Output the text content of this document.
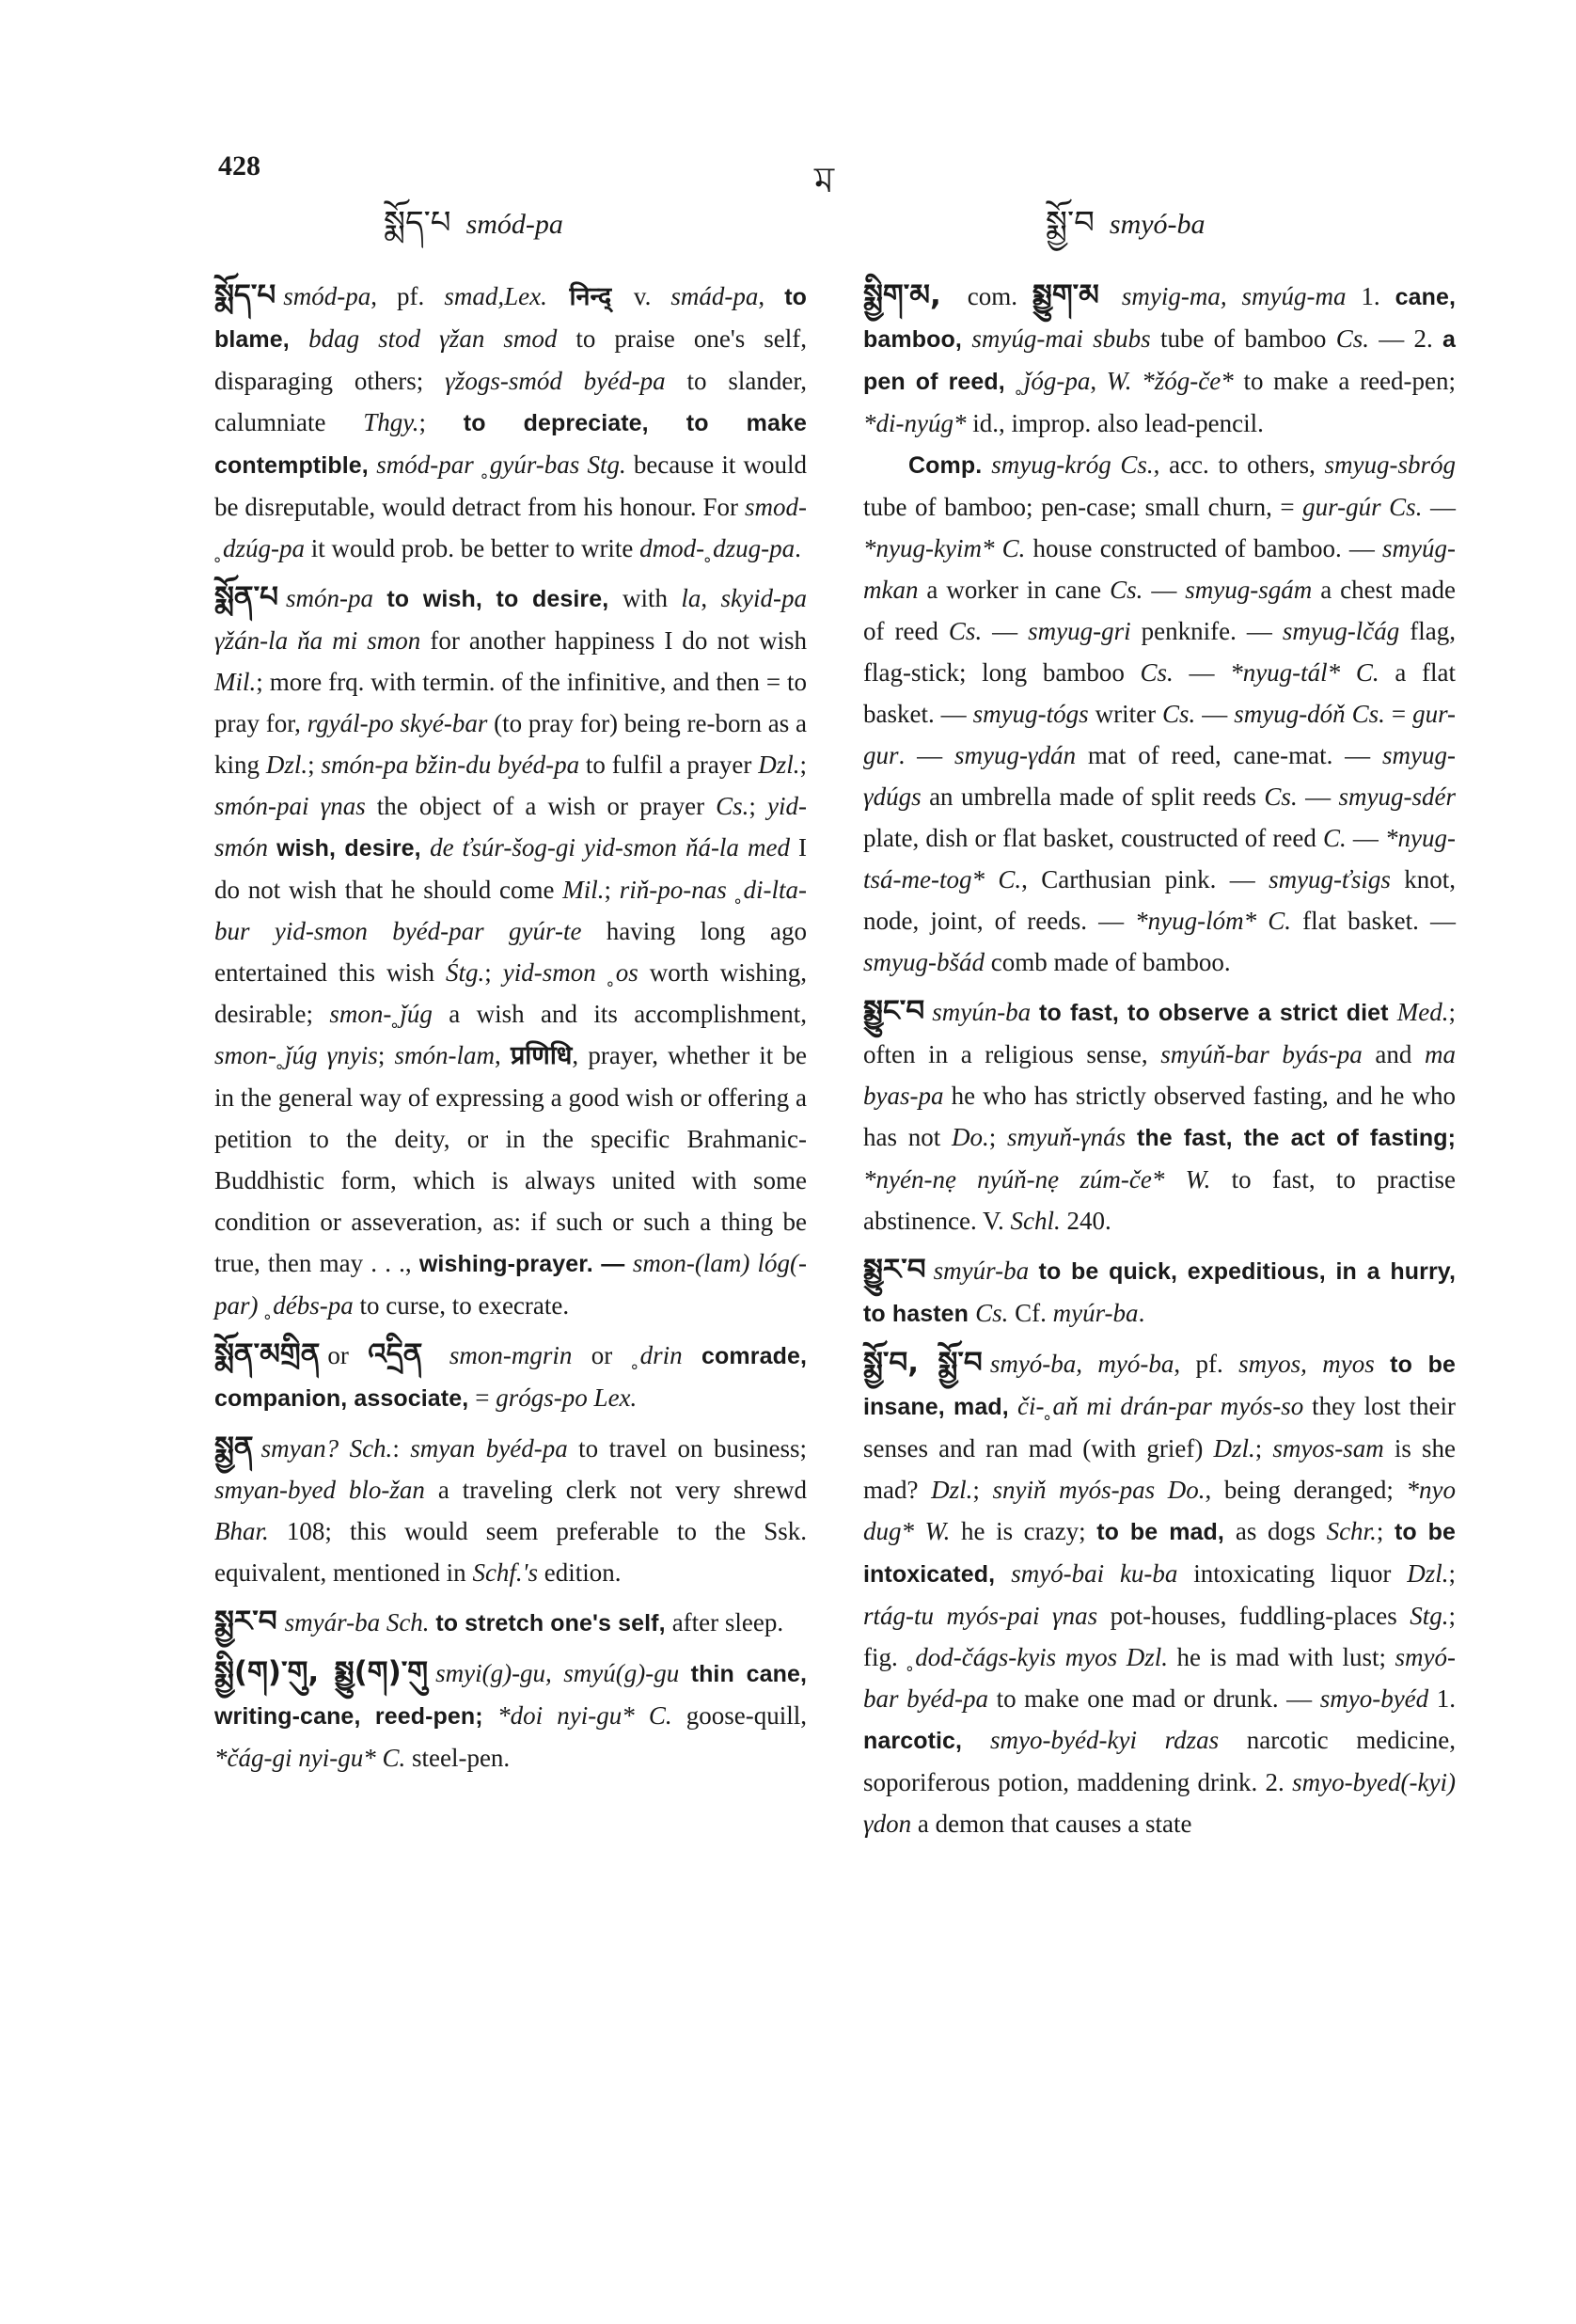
428	ম
སྨོད་པ smód-pa	སྨྱོ་བ smyó-ba

སྨོད་པ smód-pa, pf. smad,Lex. निन्द् v. smád-pa, to blame, bdag stod γžan smod to praise one's self, disparaging others; γžogs-smód byéd-pa to slander, calumniate Thgy.; to depreciate, to make contemptible, smód-par ˳gyúr-bas Stg. because it would be disreputable, would detract from his honour. For smod-˳dzúg-pa it would prob. be better to write dmod-˳dzug-pa.

སྨོན་པ smón-pa to wish, to desire, with la, skyid-pa γžán-la ňa mi smon for another happiness I do not wish Mil.; more frq. with termin. of the infinitive, and then = to pray for, rgyál-po skyé-bar (to pray for) being re-born as a king Dzl.; smón-pa bžin-du byéd-pa to fulfil a prayer Dzl.; smón-pai γnas the object of a wish or prayer Cs.; yid-smón wish, desire, de ťsúr-šog-gi yid-smon ňá-la med I do not wish that he should come Mil.; riň-po-nas ˳di-lta-bur yid-smon byéd-par gyúr-te having long ago entertained this wish Śtg.; yid-smon ˳os worth wishing, desirable; smon-˳ǰúg a wish and its accomplishment, smon-˳ǰúg γnyis; smón-lam, प्रणिधि, prayer, whether it be in the general way of expressing a good wish or offering a petition to the deity, or in the specific Brahmanic-Buddhistic form, which is always united with some condition or asseveration, as: if such or such a thing be true, then may . . ., wishing-prayer. — smon-(lam) lóg(-par) ˳débs-pa to curse, to execrate.

སྨོན་མགྲིན or འདྲིན smon-mgrin or ˳drin comrade, companion, associate, = grógs-po Lex.

སྨྱན smyan? Sch.: smyan byéd-pa to travel on business; smyan-byed blo-žan a traveling clerk not very shrewd Bhar. 108; this would seem preferable to the Ssk. equivalent, mentioned in Schf.'s edition.

སྨྱར་བ smyár-ba Sch. to stretch one's self, after sleep.

སྨྱི(ག)་གུ, སྨྱུ(ག)་གུ smyi(g)-gu, smyú(g)-gu thin cane, writing-cane, reed-pen; *doi nyi-gu* C. goose-quill, *čág-gi nyi-gu* C. steel-pen.

སྨྱིག་མ, com. སྨྱུག་མ smyig-ma, smyúg-ma 1. cane, bamboo, smyúg-mai sbubs tube of bamboo Cs. — 2. a pen of reed, ˳ǰóg-pa, W. *žóg-če* to make a reed-pen; *di-nyúg* id., improp. also lead-pencil.

Comp. smyug-króg Cs., acc. to others, smyug-sbróg tube of bamboo; pen-case; small churn, = gur-gúr Cs. — *nyug-kyim* C. house constructed of bamboo. — smyúg-mkan a worker in cane Cs. — smyug-sgám a chest made of reed Cs. — smyug-gri penknife. — smyug-lčág flag, flag-stick; long bamboo Cs. — *nyug-tál* C. a flat basket. — smyug-tógs writer Cs. — smyug-dóň Cs. = gur-gur. — smyug-γdán mat of reed, cane-mat. — smyug-γdúgs an umbrella made of split reeds Cs. — smyug-sdér plate, dish or flat basket, coustructed of reed C. — *nyug-tsá-me-tog* C., Carthusian pink. — smyug-ťsigs knot, node, joint, of reeds. — *nyug-lóm* C. flat basket. — smyug-bšád comb made of bamboo.

སྨྱུང་བ smyún-ba to fast, to observe a strict diet Med.; often in a religious sense, smyúň-bar byás-pa and ma byas-pa he who has strictly observed fasting, and he who has not Do.; smyuň-γnás the fast, the act of fasting; *nyén-nẹ nyúň-nẹ zúm-če* W. to fast, to practise abstinence. V. Schl. 240.

སྨྱུར་བ smyúr-ba to be quick, expeditious, in a hurry, to hasten Cs. Cf. myúr-ba.

སྨྱོ་བ, སྨྱོ་བ smyó-ba, myó-ba, pf. smyos, myos to be insane, mad, či-˳aň mi drán-par myós-so they lost their senses and ran mad (with grief) Dzl.; smyos-sam is she mad? Dzl.; snyiň myós-pas Do., being deranged; *nyo dug* W. he is crazy; to be mad, as dogs Schr.; to be intoxicated, smyó-bai ku-ba intoxicating liquor Dzl.; rtág-tu myós-pai γnas pot-houses, fuddling-places Stg.; fig. ˳dod-čágs-kyis myos Dzl. he is mad with lust; smyó-bar byéd-pa to make one mad or drunk. — smyo-byéd 1. narcotic, smyo-byéd-kyi rdzas narcotic medicine, soporiferous potion, maddening drink. 2. smyo-byed(-kyi) γdon a demon that causes a state
